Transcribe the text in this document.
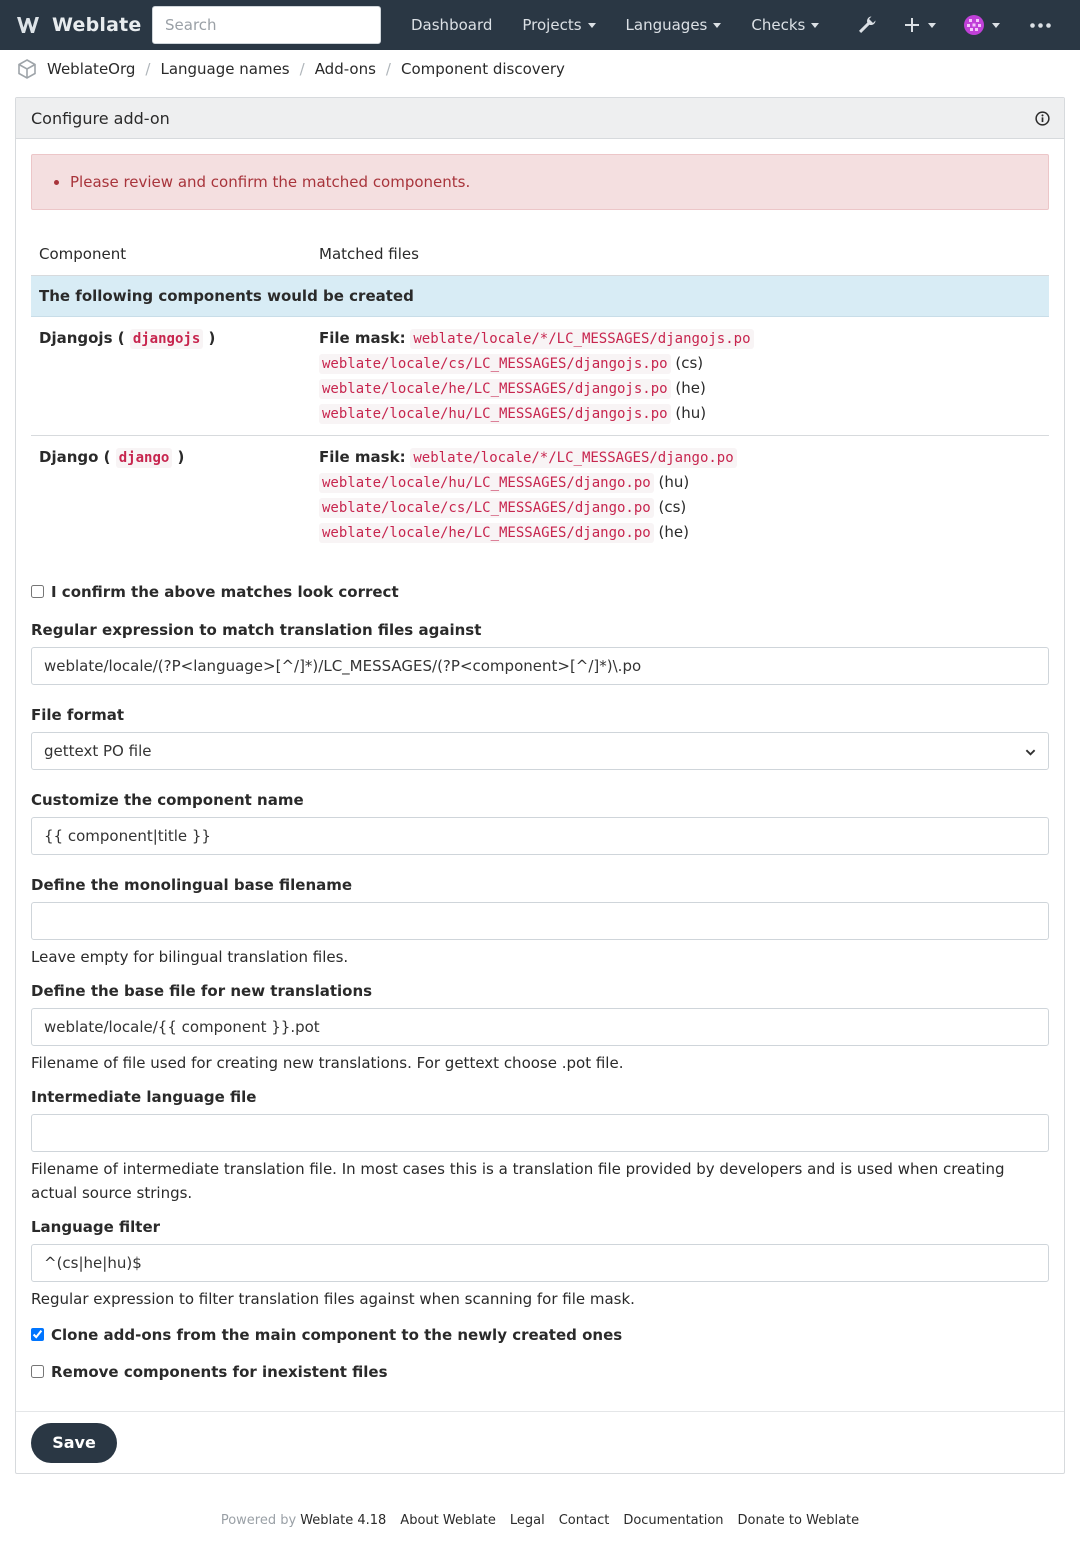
Weblate
Search	Dashboard Projects	Languages	Checks
WeblateOrg / Language names / Add-ons / Component discovery
Configure add-on
• Please review and confirm the matched components.
Component	Matched files
The following components would be created	

Djangojs ( djangojs )	File mask: weblate/locale/*/LC_MESSAGES/djangojs.po
weblate/locale/cs/LC_MESSAGES/djangojs.po (cs)
weblate/locale/he/LC_MESSAGES/djangojs.po (he)
weblate/locale/hu/LC_MESSAGES/djangojs.po (hu)

Django ( django )	File mask: weblate/locale/*/LC_MESSAGES/django.po
weblate/locale/hu/LC_MESSAGES/django.po (hu)
weblate/locale/cs/LC_MESSAGES/django.po (cs)
weblate/locale/he/LC_MESSAGES/django.po (he)
I confirm the above matches look correct
Regular expression to match translation files against
weblate/locale/(?P<language>[^/]*)/LC_MESSAGES/(?P<component>[^/]*)\.po
File format
gettext PO file
Customize the component name
{{ component|title }}
Define the monolingual base filename
Leave empty for bilingual translation files.
Define the base file for new translations
weblate/locale/{{ component }}.pot
Filename of file used for creating new translations. For gettext choose .pot file.
Intermediate language file
Filename of intermediate translation file. In most cases this is a translation file provided by developers and is used when creating actual source strings.
Language filter
^(cs|he|hu)$
Regular expression to filter translation files against when scanning for file mask.
Clone add-ons from the main component to the newly created ones
Remove components for inexistent files
Save
Powered by Weblate 4.18 About Weblate Legal Contact Documentation Donate to Weblate
